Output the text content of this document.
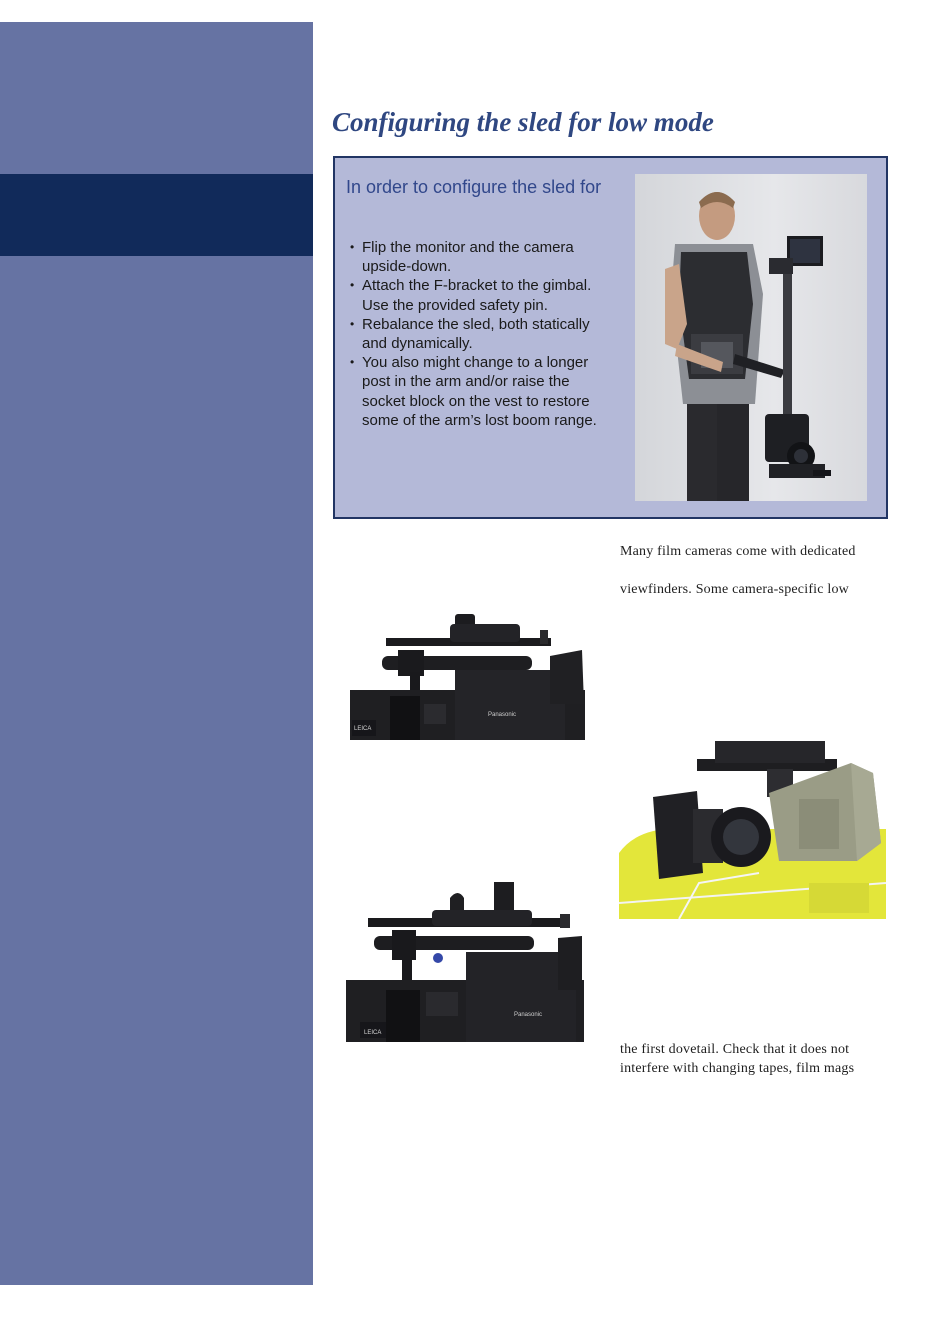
Configuring the sled for low mode
In order to configure the sled for
• Flip the monitor and the camera
upside-down.
• Attach the F-bracket to the gimbal.
Use the provided safety pin.
• Rebalance the sled, both statically
and dynamically.
• You also might change to a longer
post in the arm and/or raise the
socket block on the vest to restore
some of the arm’s lost boom range.
Many film cameras come with dedicated
viewfinders. Some camera-specific low
the first dovetail. Check that it does not
interfere with changing tapes, film mags
LEICA
Panasonic
LEICA
Panasonic
